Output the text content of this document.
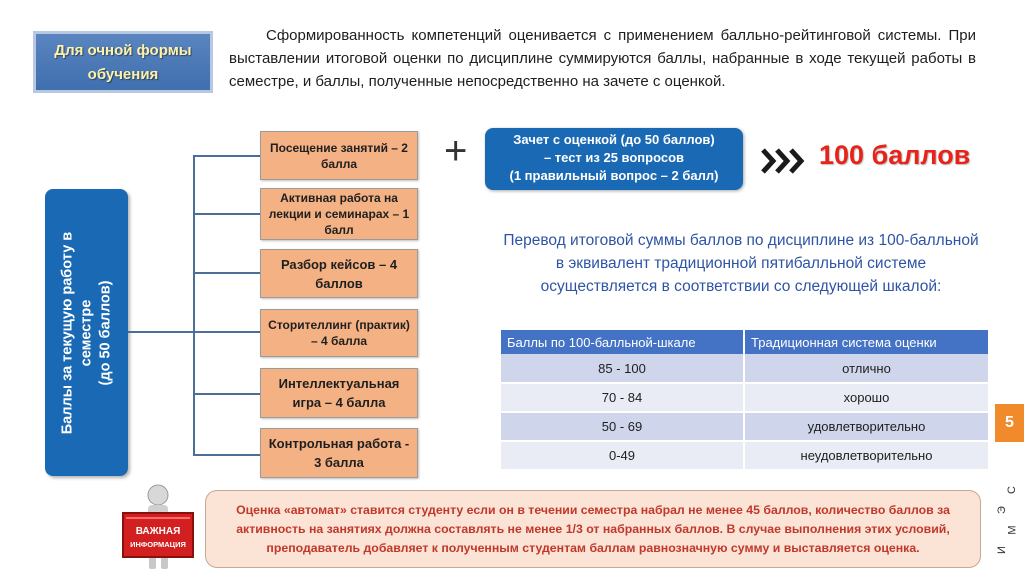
Для очной формы обучения

Сформированность компетенций оценивается с применением балльно-рейтинговой системы. При выставлении итоговой оценки по дисциплине суммируются баллы, набранные в ходе текущей работы в семестре, и баллы, полученные непосредственно на зачете с оценкой.

Баллы за текущую работу в семестре (до 50 баллов)
Посещение занятий – 2 балла
Активная работа на лекции и семинарах – 1 балл
Разбор кейсов – 4 баллов
Сторителлинг (практик) – 4 балла
Интеллектуальная игра – 4 балла
Контрольная работа - 3 балла
+	Зачет с оценкой (до 50 баллов)
– тест из 25 вопросов
(1 правильный вопрос – 2 балл)
100 баллов

Перевод итоговой суммы баллов по дисциплине из 100-балльной в эквивалент традиционной пятибалльной системе осуществляется в соответствии со следующей шкалой:

Баллы по 100-балльной-шкале	Традиционная система оценки
85 - 100	отлично
70 - 84	хорошо
50 - 69	удовлетворительно
0-49	неудовлетворительно
5
С
Э
М
И
ВАЖНАЯ
ИНФОРМАЦИЯ
Оценка «автомат» ставится студенту если он в течении семестра набрал не менее 45 баллов, количество баллов за активность на занятиях должна составлять не менее 1/3 от набранных баллов. В случае выполнения этих условий, преподаватель добавляет к полученным студентам баллам равнозначную сумму и выставляется оценка.
